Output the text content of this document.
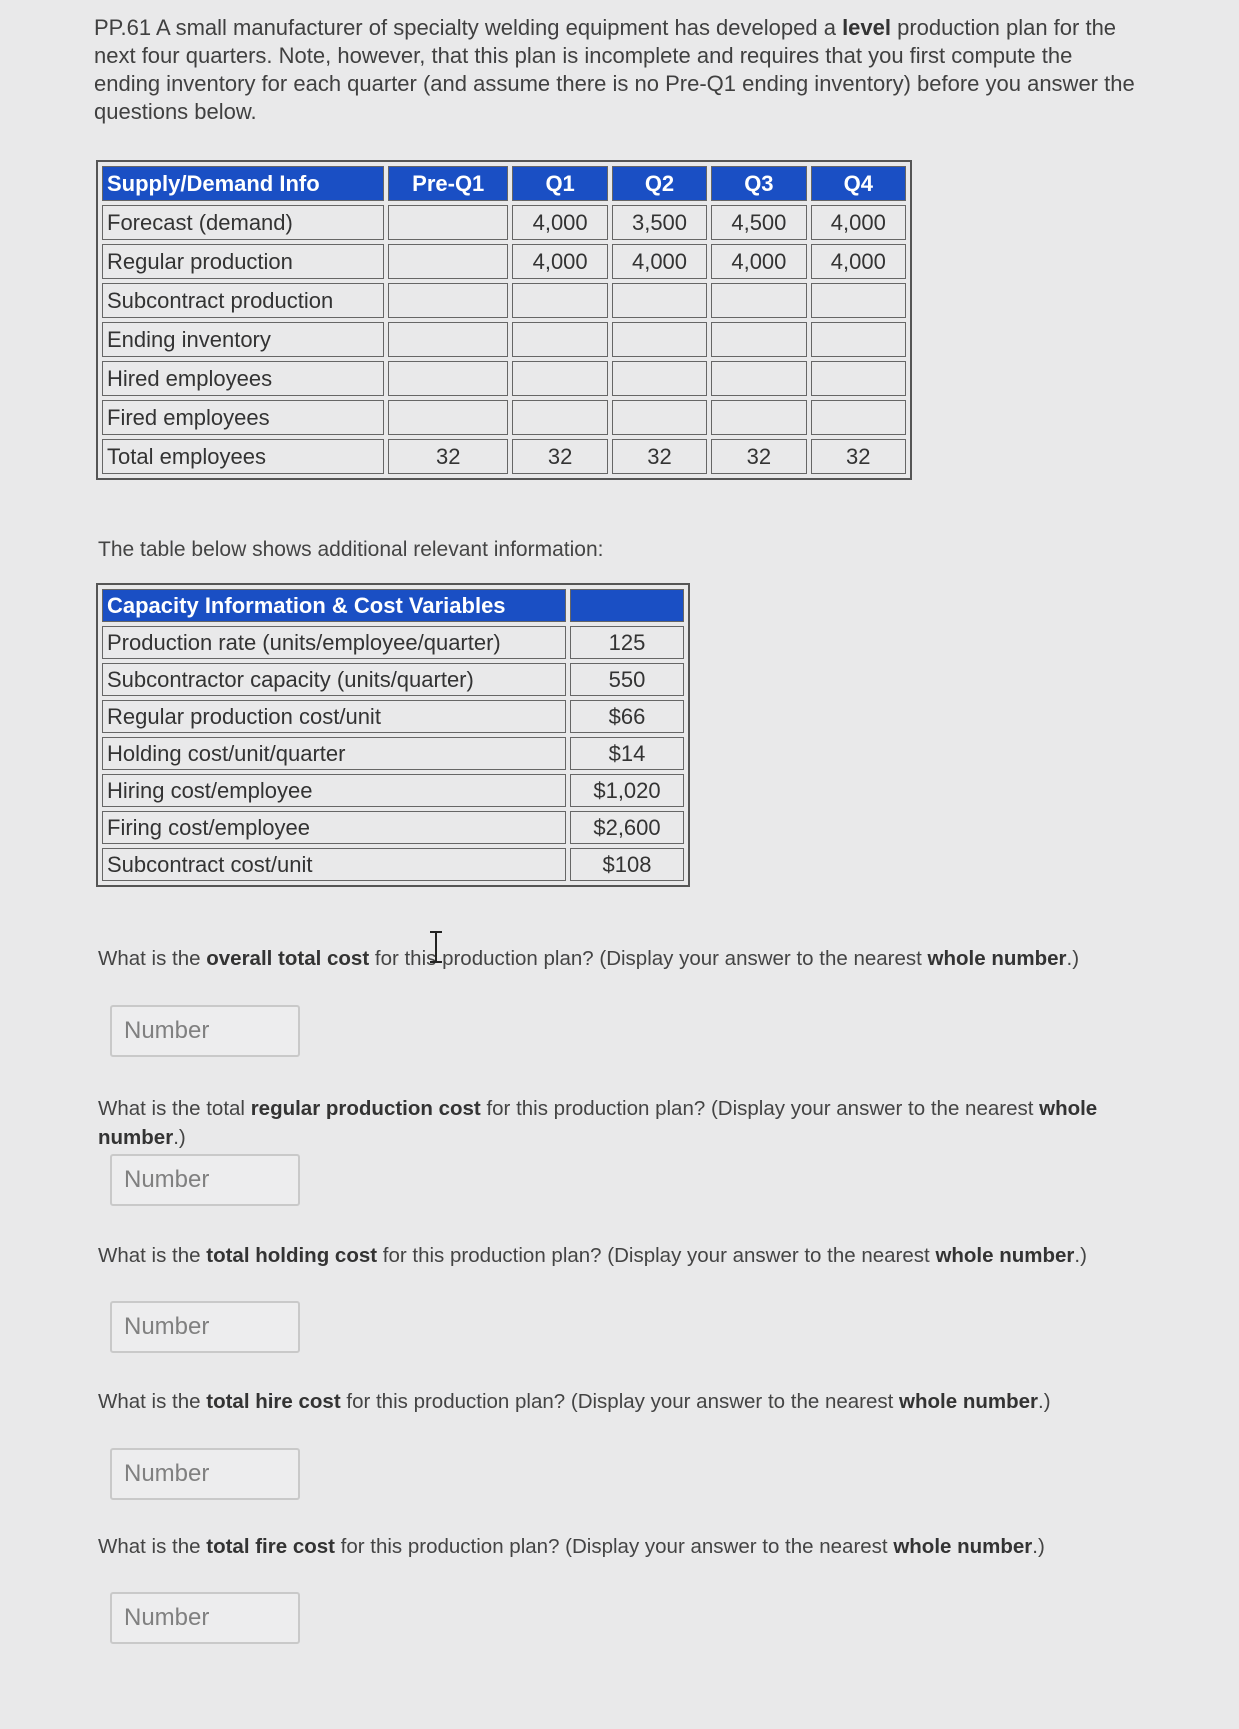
PP.61 A small manufacturer of specialty welding equipment has developed a level production plan for the next four quarters. Note, however, that this plan is incomplete and requires that you first compute the ending inventory for each quarter (and assume there is no Pre-Q1 ending inventory) before you answer the questions below.

Supply/Demand Info	Pre-Q1	Q1	Q2	Q3	Q4
Forecast (demand)		4,000	3,500	4,500	4,000
Regular production		4,000	4,000	4,000	4,000
Subcontract production					
Ending inventory					
Hired employees					
Fired employees					
Total employees	32	32	32	32	32
The table below shows additional relevant information:
Capacity Information & Cost Variables	
Production rate (units/employee/quarter)	125
Subcontractor capacity (units/quarter)	550
Regular production cost/unit	$66
Holding cost/unit/quarter	$14
Hiring cost/employee	$1,020
Firing cost/employee	$2,600
Subcontract cost/unit	$108
What is the overall total cost for this production plan? (Display your answer to the nearest whole number.)
Number
What is the total regular production cost for this production plan? (Display your answer to the nearest whole number.)
Number
What is the total holding cost for this production plan? (Display your answer to the nearest whole number.)
Number
What is the total hire cost for this production plan? (Display your answer to the nearest whole number.)
Number
What is the total fire cost for this production plan? (Display your answer to the nearest whole number.)
Number
